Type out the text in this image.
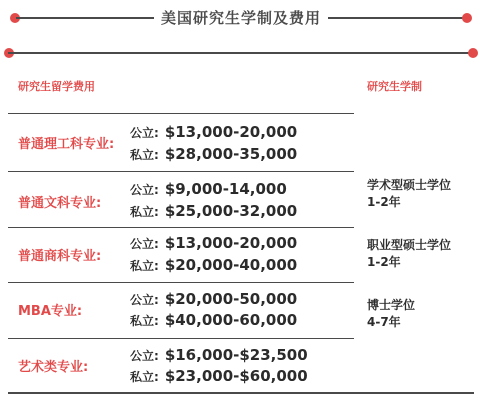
美国研究生学制及费用
研究生留学费用	研究生学制
普通理工科专业:
公立: $13,000-20,000
私立: $28,000-35,000
普通文科专业:
公立: $9,000-14,000
私立: $25,000-32,000
普通商科专业:
公立: $13,000-20,000
私立: $20,000-40,000
MBA专业:
公立: $20,000-50,000
私立: $40,000-60,000
艺术类专业:
公立: $16,000-$23,500
私立: $23,000-$60,000
学术型硕士学位
1-2年
职业型硕士学位
1-2年
博士学位
4-7年
